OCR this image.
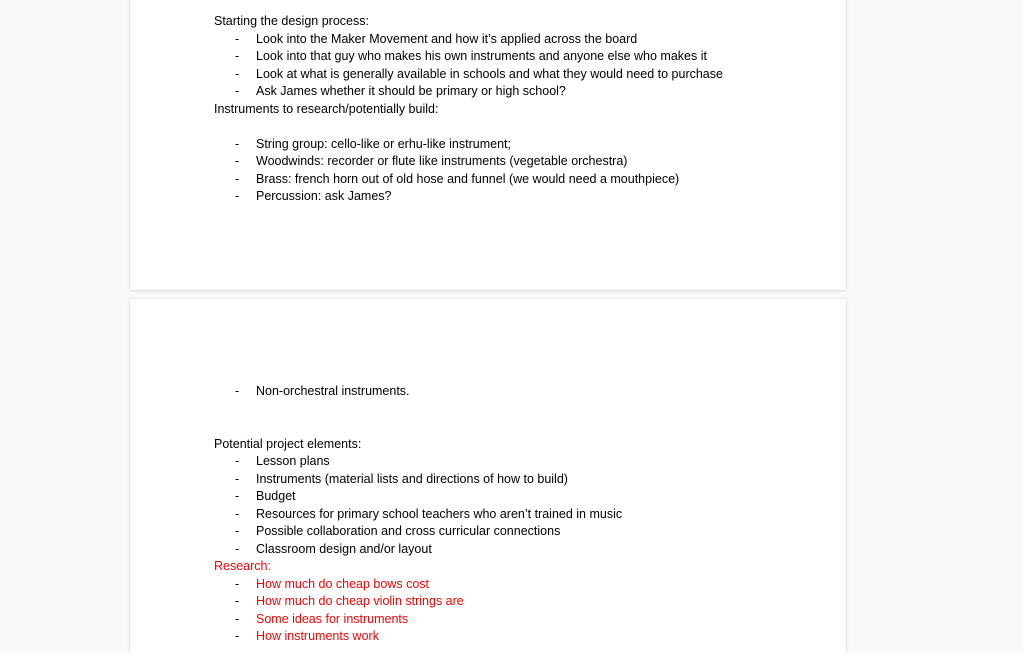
Starting the design process:
- Look into the Maker Movement and how it’s applied across the board
- Look into that guy who makes his own instruments and anyone else who makes it
- Look at what is generally available in schools and what they would need to purchase
- Ask James whether it should be primary or high school?
Instruments to research/potentially build:
- String group: cello-like or erhu-like instrument;
- Woodwinds: recorder or flute like instruments (vegetable orchestra)
- Brass: french horn out of old hose and funnel (we would need a mouthpiece)
- Percussion: ask James?
- Non-orchestral instruments.
Potential project elements:
- Lesson plans
- Instruments (material lists and directions of how to build)
- Budget
- Resources for primary school teachers who aren’t trained in music
- Possible collaboration and cross curricular connections
- Classroom design and/or layout
Research:
- How much do cheap bows cost
- How much do cheap violin strings are
- Some ideas for instruments
- How instruments work
